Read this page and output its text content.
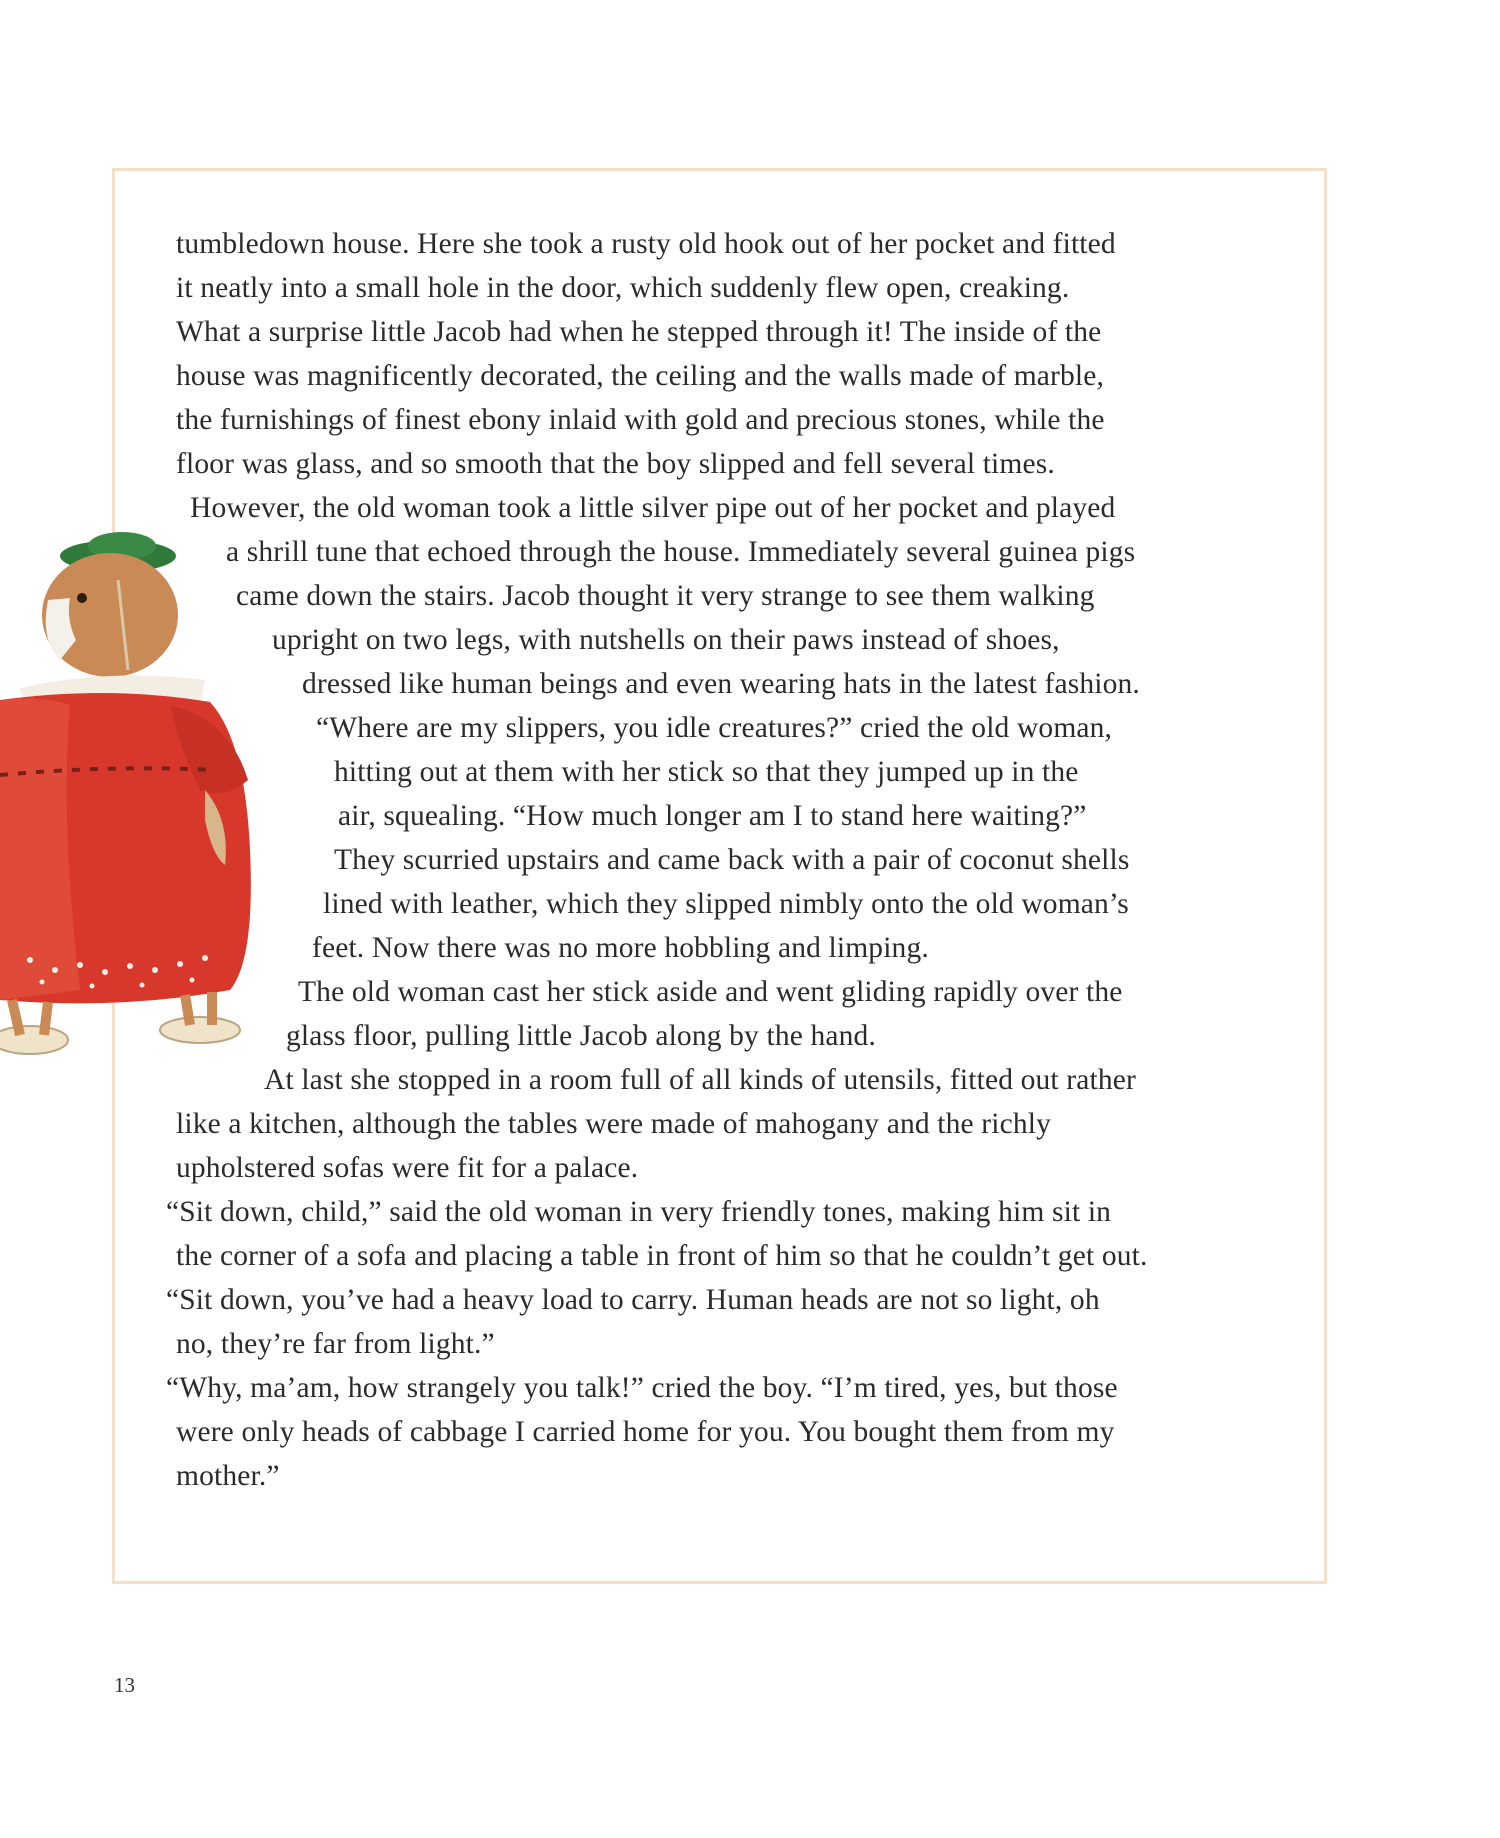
tumbledown house. Here she took a rusty old hook out of her pocket and fitted
it neatly into a small hole in the door, which suddenly flew open, creaking.
What a surprise little Jacob had when he stepped through it! The inside of the
house was magnificently decorated, the ceiling and the walls made of marble,
the furnishings of finest ebony inlaid with gold and precious stones, while the
floor was glass, and so smooth that the boy slipped and fell several times.
However, the old woman took a little silver pipe out of her pocket and played
a shrill tune that echoed through the house. Immediately several guinea pigs
came down the stairs. Jacob thought it very strange to see them walking
upright on two legs, with nutshells on their paws instead of shoes,
dressed like human beings and even wearing hats in the latest fashion.
“Where are my slippers, you idle creatures?” cried the old woman,
hitting out at them with her stick so that they jumped up in the
air, squealing. “How much longer am I to stand here waiting?”
They scurried upstairs and came back with a pair of coconut shells
lined with leather, which they slipped nimbly onto the old woman’s
feet. Now there was no more hobbling and limping.
The old woman cast her stick aside and went gliding rapidly over the
glass floor, pulling little Jacob along by the hand.
At last she stopped in a room full of all kinds of utensils, fitted out rather
like a kitchen, although the tables were made of mahogany and the richly
upholstered sofas were fit for a palace.
“Sit down, child,” said the old woman in very friendly tones, making him sit in
the corner of a sofa and placing a table in front of him so that he couldn’t get out.
“Sit down, you’ve had a heavy load to carry. Human heads are not so light, oh
no, they’re far from light.”
“Why, ma’am, how strangely you talk!” cried the boy. “I’m tired, yes, but those
were only heads of cabbage I carried home for you. You bought them from my
mother.”
13
